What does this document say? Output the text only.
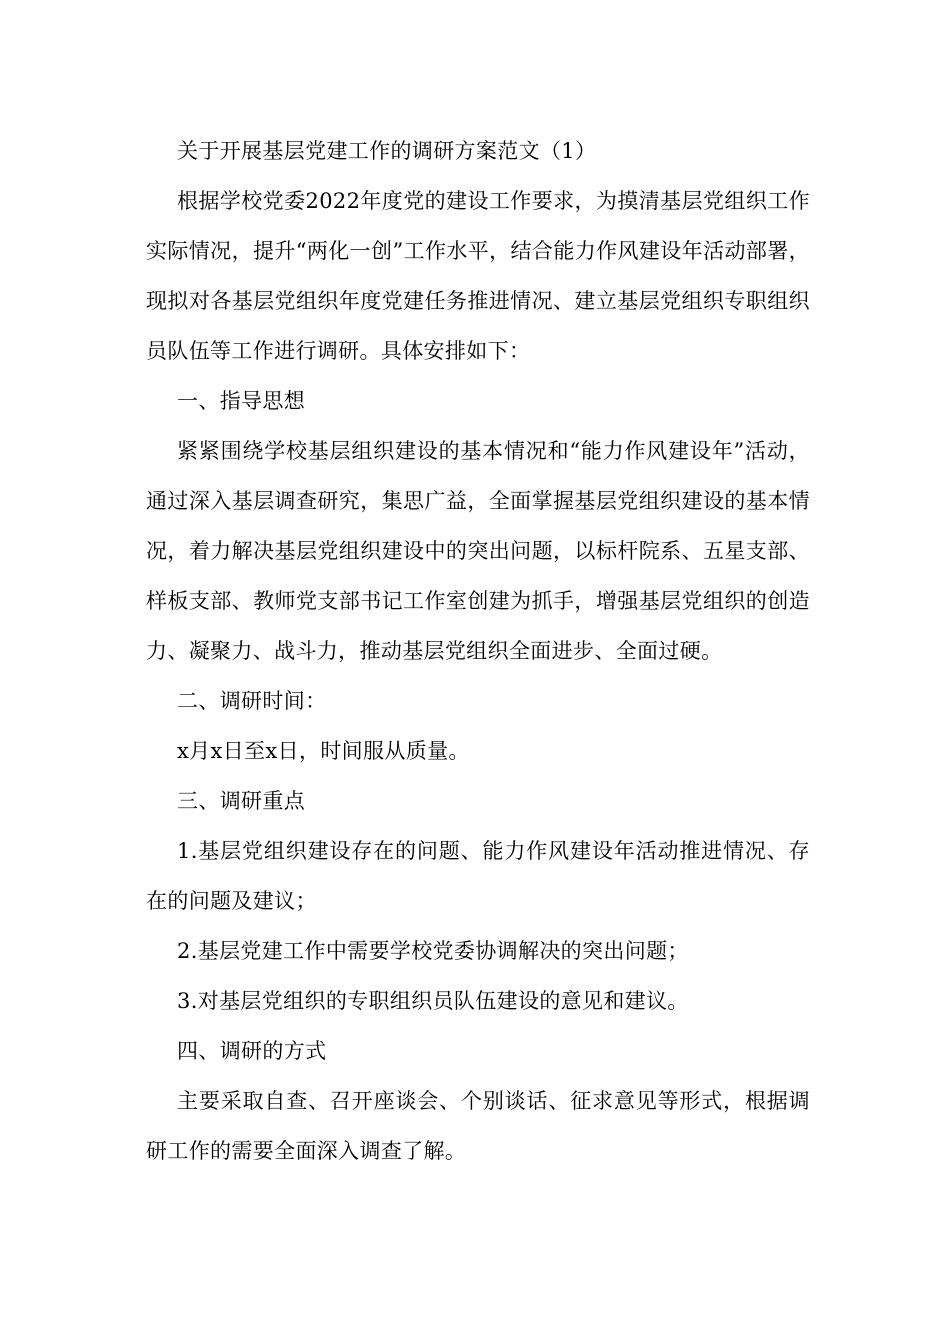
关于开展基层党建工作的调研方案范文（1）

根据学校党委2022年度党的建设工作要求，为摸清基层党组织工作实际情况，提升“两化一创”工作水平，结合能力作风建设年活动部署，现拟对各基层党组织年度党建任务推进情况、建立基层党组织专职组织员队伍等工作进行调研。具体安排如下：

一、指导思想

紧紧围绕学校基层组织建设的基本情况和“能力作风建设年”活动，通过深入基层调查研究，集思广益，全面掌握基层党组织建设的基本情况，着力解决基层党组织建设中的突出问题，以标杆院系、五星支部、样板支部、教师党支部书记工作室创建为抓手，增强基层党组织的创造力、凝聚力、战斗力，推动基层党组织全面进步、全面过硬。

二、调研时间：

x月x日至x日，时间服从质量。

三、调研重点

1.基层党组织建设存在的问题、能力作风建设年活动推进情况、存在的问题及建议；

2.基层党建工作中需要学校党委协调解决的突出问题；

3.对基层党组织的专职组织员队伍建设的意见和建议。

四、调研的方式

主要采取自查、召开座谈会、个别谈话、征求意见等形式，根据调研工作的需要全面深入调查了解。
